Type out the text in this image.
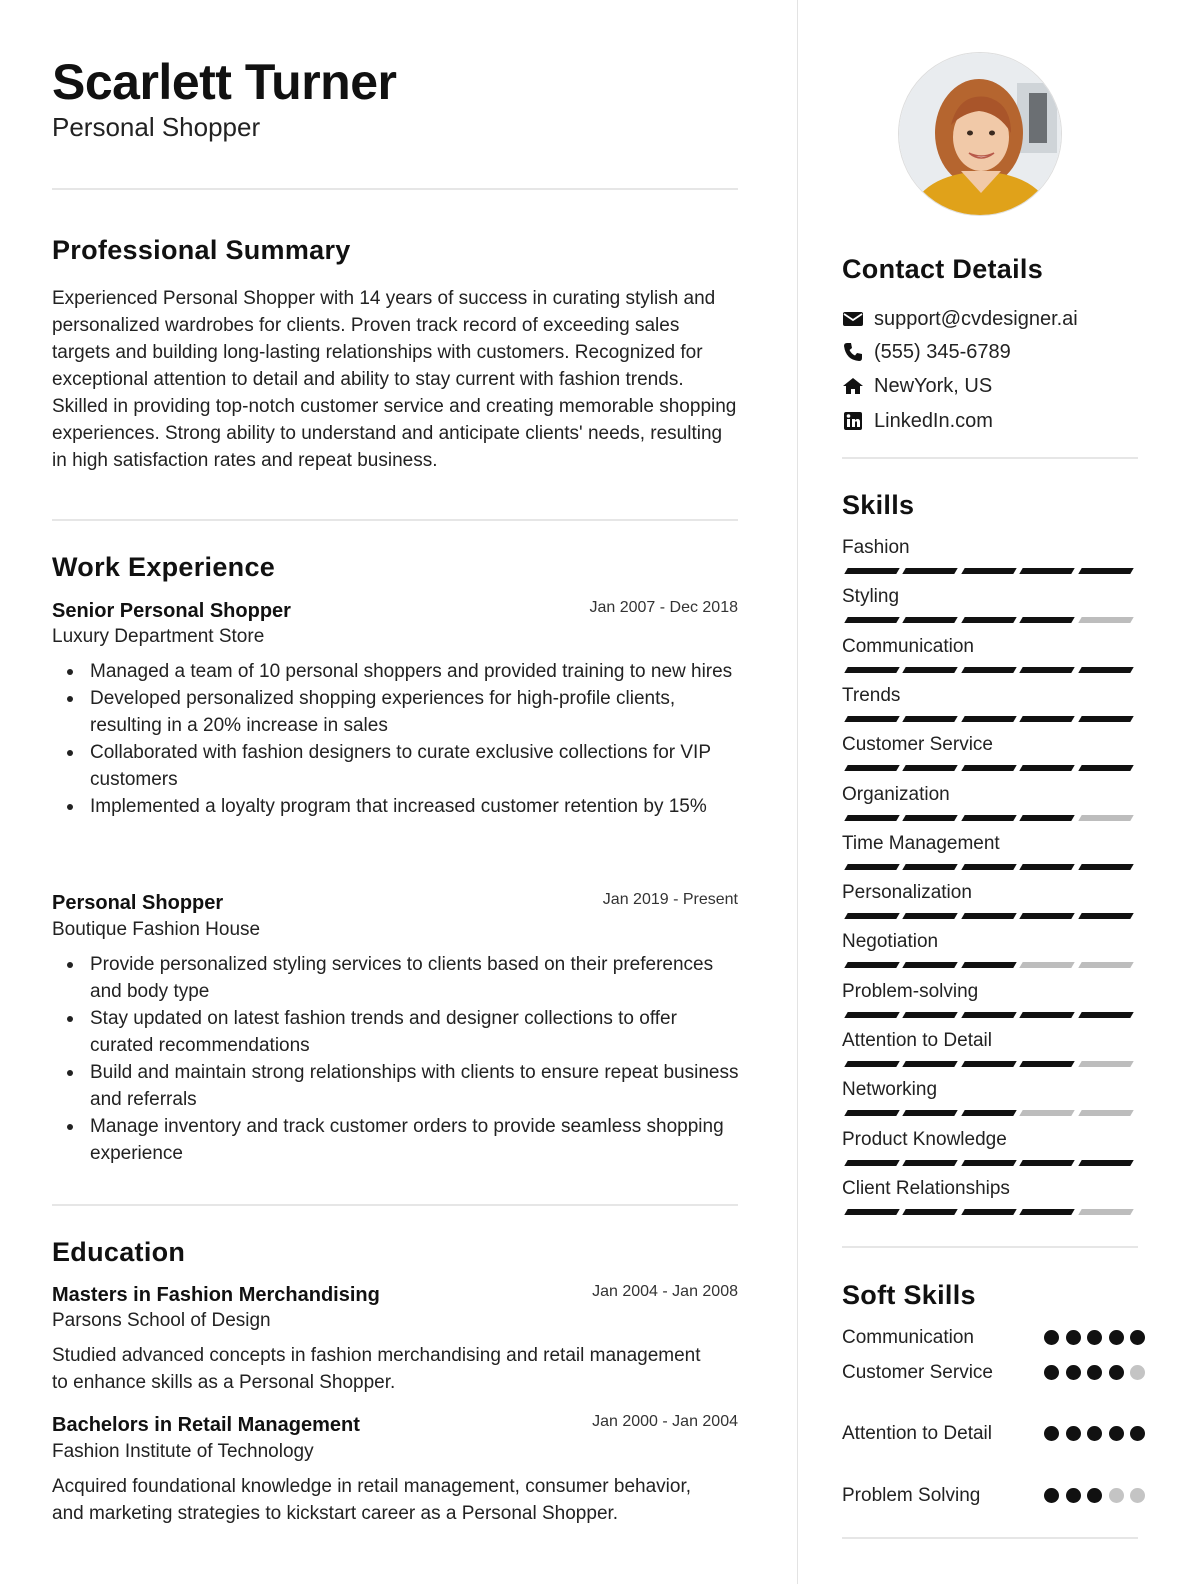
Scarlett Turner
Personal Shopper
Professional Summary
Experienced Personal Shopper with 14 years of success in curating stylish and personalized wardrobes for clients. Proven track record of exceeding sales targets and building long-lasting relationships with customers. Recognized for exceptional attention to detail and ability to stay current with fashion trends. Skilled in providing top-notch customer service and creating memorable shopping experiences. Strong ability to understand and anticipate clients' needs, resulting in high satisfaction rates and repeat business.
Work Experience
Senior Personal Shopper	Jan 2007 - Dec 2018
Luxury Department Store
Managed a team of 10 personal shoppers and provided training to new hires
Developed personalized shopping experiences for high-profile clients, resulting in a 20% increase in sales
Collaborated with fashion designers to curate exclusive collections for VIP customers
Implemented a loyalty program that increased customer retention by 15%
Personal Shopper	Jan 2019 - Present
Boutique Fashion House
Provide personalized styling services to clients based on their preferences and body type
Stay updated on latest fashion trends and designer collections to offer curated recommendations
Build and maintain strong relationships with clients to ensure repeat business and referrals
Manage inventory and track customer orders to provide seamless shopping experience
Education
Masters in Fashion Merchandising	Jan 2004 - Jan 2008
Parsons School of Design
Studied advanced concepts in fashion merchandising and retail management to enhance skills as a Personal Shopper.
Bachelors in Retail Management	Jan 2000 - Jan 2004
Fashion Institute of Technology
Acquired foundational knowledge in retail management, consumer behavior, and marketing strategies to kickstart career as a Personal Shopper.
Contact Details
support@cvdesigner.ai
(555) 345-6789
NewYork, US
LinkedIn.com
Skills
Fashion
Styling
Communication
Trends
Customer Service
Organization
Time Management
Personalization
Negotiation
Problem-solving
Attention to Detail
Networking
Product Knowledge
Client Relationships
Soft Skills
Communication
Customer Service
Attention to Detail
Problem Solving
